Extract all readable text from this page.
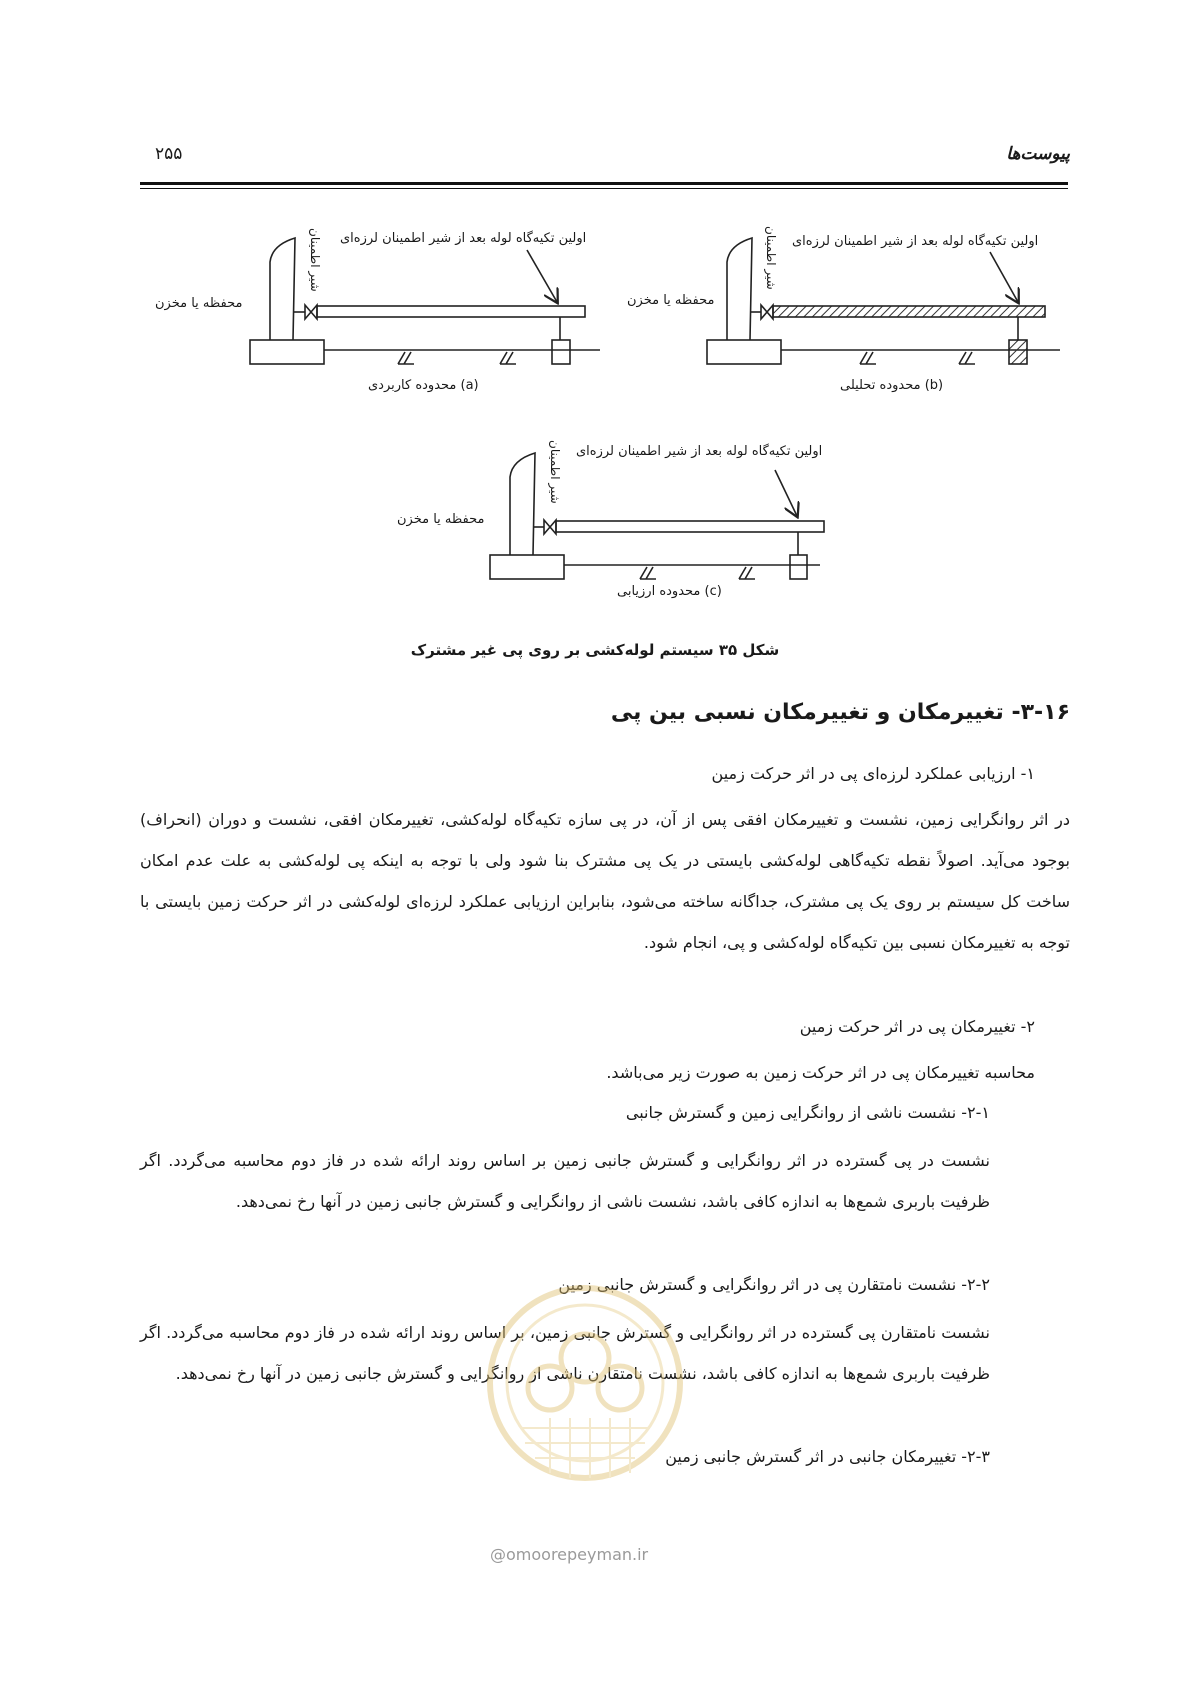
۲۵۵	پیوست‌ها
اولین تکیه‌گاه لوله بعد از شیر اطمینان لرزه‌ای
شیر اطمینان
محفظه یا مخزن
(a) محدوده کاربردی
اولین تکیه‌گاه لوله بعد از شیر اطمینان لرزه‌ای
شیر اطمینان
محفظه یا مخزن
(b) محدوده تحلیلی
اولین تکیه‌گاه لوله بعد از شیر اطمینان لرزه‌ای
شیر اطمینان
محفظه یا مخزن
(c) محدوده ارزیابی
شکل ۳۵ سیستم لوله‌کشی بر روی پی غیر مشترک
۳-۱۶- تغییرمکان و تغییرمکان نسبی بین پی
۱- ارزیابی عملکرد لرزه‌ای پی در اثر حرکت زمین
در اثر روانگرایی زمین، نشست و تغییرمکان افقی پس از آن، در پی سازه تکیه‌گاه لوله‌کشی، تغییرمکان افقی، نشست و دوران (انحراف) بوجود می‌آید. اصولاً نقطه تکیه‌گاهی لوله‌کشی بایستی در یک پی مشترک بنا شود ولی با توجه به اینکه پی لوله‌کشی به علت عدم امکان ساخت کل سیستم بر روی یک پی مشترک، جداگانه ساخته می‌شود، بنابراین ارزیابی عملکرد لرزه‌ای لوله‌کشی در اثر حرکت زمین بایستی با توجه به تغییرمکان نسبی بین تکیه‌گاه لوله‌کشی و پی، انجام شود.
۲- تغییرمکان پی در اثر حرکت زمین
محاسبه تغییرمکان پی در اثر حرکت زمین به صورت زیر می‌باشد.
۲-۱- نشست ناشی از روانگرایی زمین و گسترش جانبی
نشست در پی گسترده در اثر روانگرایی و گسترش جانبی زمین بر اساس روند ارائه شده در فاز دوم محاسبه می‌گردد. اگر ظرفیت باربری شمع‌ها به اندازه کافی باشد، نشست ناشی از روانگرایی و گسترش جانبی زمین در آنها رخ نمی‌دهد.
۲-۲- نشست نامتقارن پی در اثر روانگرایی و گسترش جانبی زمین
نشست نامتقارن پی گسترده در اثر روانگرایی و گسترش جانبی زمین، بر اساس روند ارائه شده در فاز دوم محاسبه می‌گردد. اگر ظرفیت باربری شمع‌ها به اندازه کافی باشد، نشست نامتقارن ناشی از روانگرایی و گسترش جانبی زمین در آنها رخ نمی‌دهد.
۲-۳- تغییرمکان جانبی در اثر گسترش جانبی زمین
@omoorepeyman.ir
